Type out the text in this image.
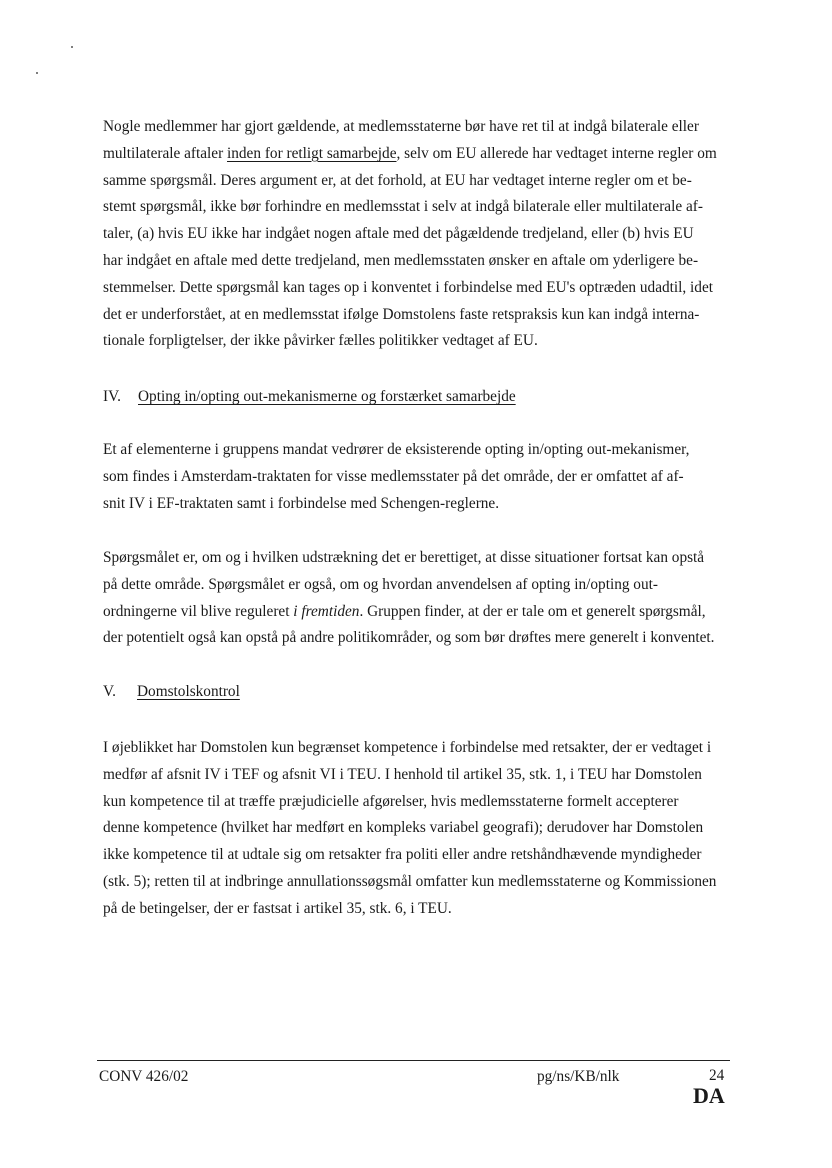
Nogle medlemmer har gjort gældende, at medlemsstaterne bør have ret til at indgå bilaterale eller
multilaterale aftaler inden for retligt samarbejde, selv om EU allerede har vedtaget interne regler om
samme spørgsmål. Deres argument er, at det forhold, at EU har vedtaget interne regler om et be-
stemt spørgsmål, ikke bør forhindre en medlemsstat i selv at indgå bilaterale eller multilaterale af-
taler, (a) hvis EU ikke har indgået nogen aftale med det pågældende tredjeland, eller (b) hvis EU
har indgået en aftale med dette tredjeland, men medlemsstaten ønsker en aftale om yderligere be-
stemmelser. Dette spørgsmål kan tages op i konventet i forbindelse med EU's optræden udadtil, idet
det er underforstået, at en medlemsstat ifølge Domstolens faste retspraksis kun kan indgå interna-
tionale forpligtelser, der ikke påvirker fælles politikker vedtaget af EU.
IV. Opting in/opting out-mekanismerne og forstærket samarbejde
Et af elementerne i gruppens mandat vedrører de eksisterende opting in/opting out-mekanismer,
som findes i Amsterdam-traktaten for visse medlemsstater på det område, der er omfattet af af-
snit IV i EF-traktaten samt i forbindelse med Schengen-reglerne.
Spørgsmålet er, om og i hvilken udstrækning det er berettiget, at disse situationer fortsat kan opstå
på dette område. Spørgsmålet er også, om og hvordan anvendelsen af opting in/opting out-
ordningerne vil blive reguleret i fremtiden. Gruppen finder, at der er tale om et generelt spørgsmål,
der potentielt også kan opstå på andre politikområder, og som bør drøftes mere generelt i konventet.
V. Domstolskontrol
I øjeblikket har Domstolen kun begrænset kompetence i forbindelse med retsakter, der er vedtaget i
medfør af afsnit IV i TEF og afsnit VI i TEU. I henhold til artikel 35, stk. 1, i TEU har Domstolen
kun kompetence til at træffe præjudicielle afgørelser, hvis medlemsstaterne formelt accepterer
denne kompetence (hvilket har medført en kompleks variabel geografi); derudover har Domstolen
ikke kompetence til at udtale sig om retsakter fra politi eller andre retshåndhævende myndigheder
(stk. 5); retten til at indbringe annullationssøgsmål omfatter kun medlemsstaterne og Kommissionen
på de betingelser, der er fastsat i artikel 35, stk. 6, i TEU.
CONV 426/02	pg/ns/KB/nlk	24
DA
